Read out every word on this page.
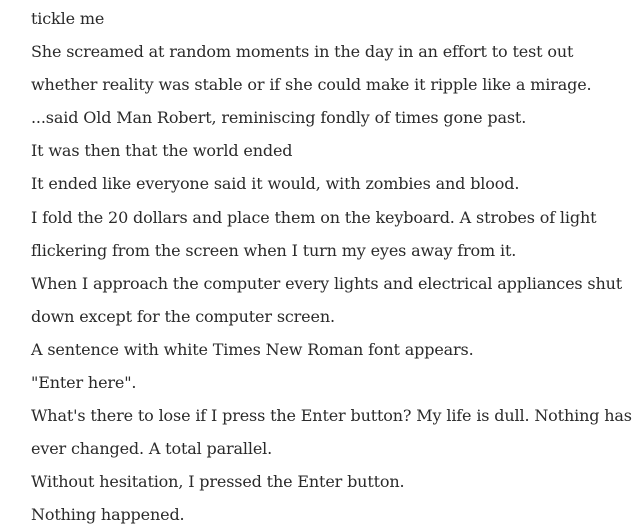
tickle me

She screamed at random moments in the day in an effort to test out

whether reality was stable or if she could make it ripple like a mirage.

...said Old Man Robert, reminiscing fondly of times gone past.

It was then that the world ended

It ended like everyone said it would, with zombies and blood.

I fold the 20 dollars and place them on the keyboard. A strobes of light

flickering from the screen when I turn my eyes away from it.

When I approach the computer every lights and electrical appliances shut

down except for the computer screen.

A sentence with white Times New Roman font appears.

"Enter here".

What's there to lose if I press the Enter button? My life is dull. Nothing has

ever changed. A total parallel.

Without hesitation, I pressed the Enter button.

Nothing happened.
